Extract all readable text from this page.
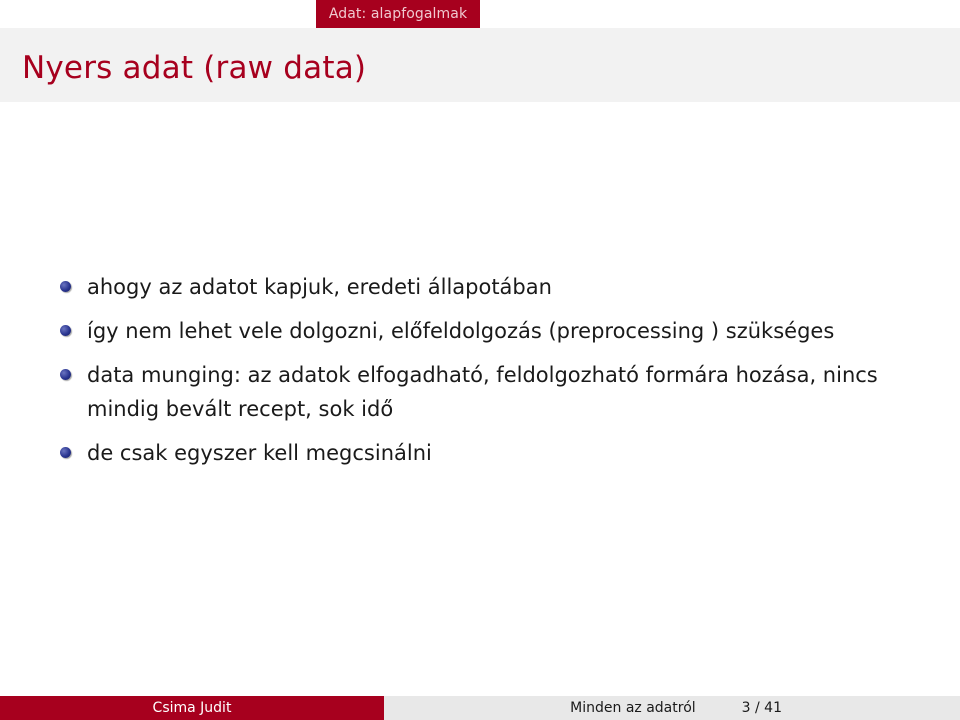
Adat: alapfogalmak
Nyers adat (raw data)
ahogy az adatot kapjuk, eredeti állapotában
így nem lehet vele dolgozni, előfeldolgozás (preprocessing ) szükséges
data munging: az adatok elfogadható, feldolgozható formára hozása, nincs mindig bevált recept, sok idő
de csak egyszer kell megcsinálni
Csima Judit	Minden az adatról	3 / 41
